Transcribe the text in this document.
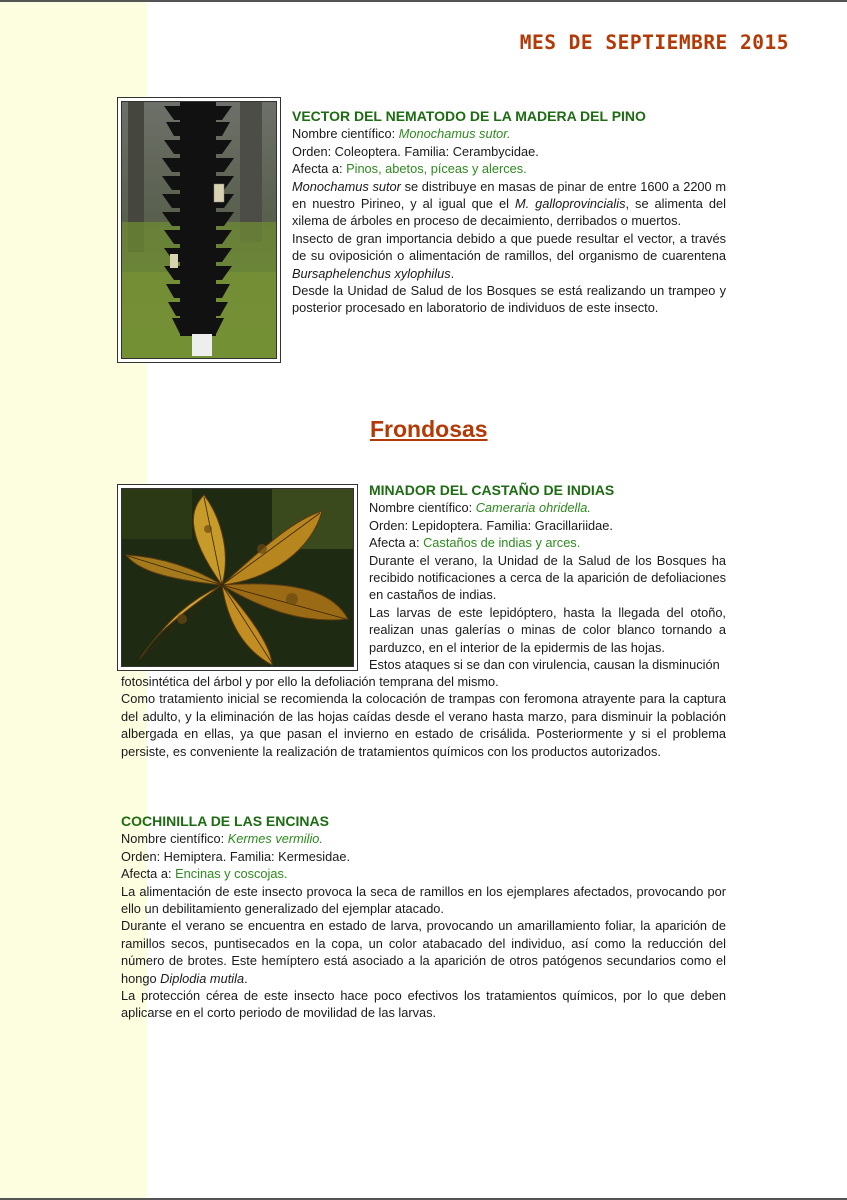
MES DE SEPTIEMBRE 2015

VECTOR DEL NEMATODO DE LA MADERA DEL PINO

Nombre científico: Monochamus sutor.

Orden: Coleoptera. Familia: Cerambycidae.

Afecta a: Pinos, abetos, píceas y alerces.

Monochamus sutor se distribuye en masas de pinar de entre 1600 a 2200 m en nuestro Pirineo, y al igual que el M. galloprovincialis, se alimenta del xilema de árboles en proceso de decaimiento, derribados o muertos.

Insecto de gran importancia debido a que puede resultar el vector, a través de su oviposición o alimentación de ramillos, del organismo de cuarentena Bursaphelenchus xylophilus.

Desde la Unidad de Salud de los Bosques se está realizando un trampeo y posterior procesado en laboratorio de individuos de este insecto.

Frondosas

MINADOR DEL CASTAÑO DE INDIAS

Nombre científico: Cameraria ohridella.

Orden: Lepidoptera. Familia: Gracillariidae.

Afecta a: Castaños de indias y arces.

Durante el verano, la Unidad de la Salud de los Bosques ha recibido notificaciones a cerca de la aparición de defoliaciones en castaños de indias.

Las larvas de este lepidóptero, hasta la llegada del otoño, realizan unas galerías o minas de color blanco tornando a parduzco, en el interior de la epidermis de las hojas.

Estos ataques si se dan con virulencia, causan la disminución

fotosintética del árbol y por ello la defoliación temprana del mismo.

Como tratamiento inicial se recomienda la colocación de trampas con feromona atrayente para la captura del adulto, y la eliminación de las hojas caídas desde el verano hasta marzo, para disminuir la población albergada en ellas, ya que pasan el invierno en estado de crisálida. Posteriormente y si el problema persiste, es conveniente la realización de tratamientos químicos con los productos autorizados.

COCHINILLA DE LAS ENCINAS

Nombre científico: Kermes vermilio.

Orden: Hemiptera. Familia: Kermesidae.

Afecta a: Encinas y coscojas.

La alimentación de este insecto provoca la seca de ramillos en los ejemplares afectados, provocando por ello un debilitamiento generalizado del ejemplar atacado.

Durante el verano se encuentra en estado de larva, provocando un amarillamiento foliar, la aparición de ramillos secos, puntisecados en la copa, un color atabacado del individuo, así como la reducción del número de brotes. Este hemíptero está asociado a la aparición de otros patógenos secundarios como el hongo Diplodia mutila.

La protección cérea de este insecto hace poco efectivos los tratamientos químicos, por lo que deben aplicarse en el corto periodo de movilidad de las larvas.
